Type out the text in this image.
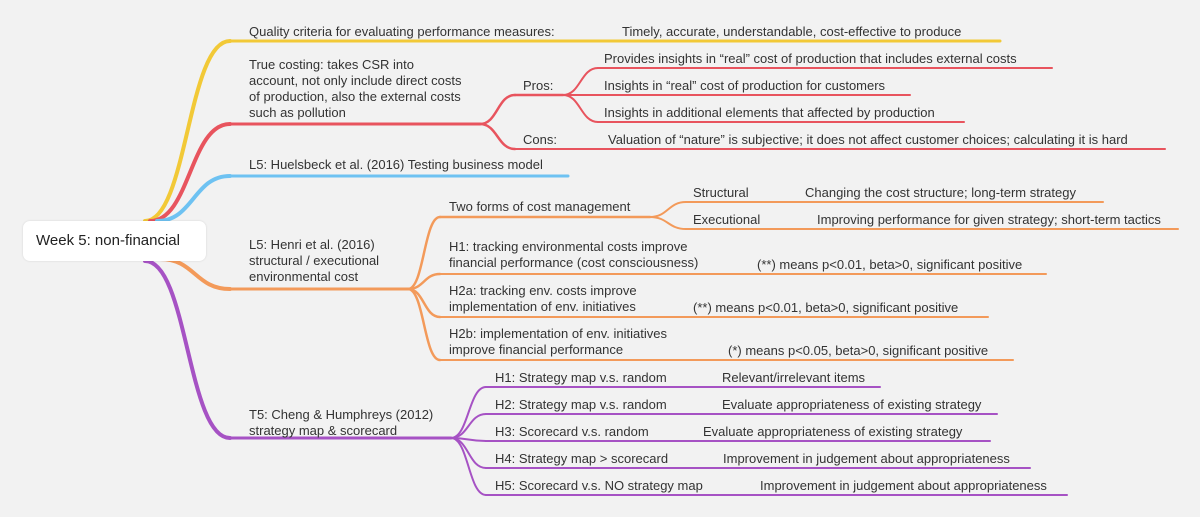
Week 5: non-financial
Quality criteria for evaluating performance measures:	Timely, accurate, understandable, cost-effective to produce
True costing: takes CSR into
account, not only include direct costs
of production, also the external costs
such as pollution
Pros:
Provides insights in “real” cost of production that includes external costs
Insights in “real” cost of production for customers
Insights in additional elements that affected by production
Cons:	Valuation of “nature” is subjective; it does not affect customer choices; calculating it is hard
L5: Huelsbeck et al. (2016) Testing business model
L5: Henri et al. (2016)
structural / executional
environmental cost
Two forms of cost management
Structural	Changing the cost structure; long-term strategy
Executional	Improving performance for given strategy; short-term tactics
H1: tracking environmental costs improve
financial performance (cost consciousness)	(**) means p<0.01, beta>0, significant positive
H2a: tracking env. costs improve
implementation of env. initiatives	(**) means p<0.01, beta>0, significant positive
H2b: implementation of env. initiatives
improve financial performance	(*) means p<0.05, beta>0, significant positive
T5: Cheng & Humphreys (2012)
strategy map & scorecard
H1: Strategy map v.s. random	Relevant/irrelevant items
H2: Strategy map v.s. random	Evaluate appropriateness of existing strategy
H3: Scorecard v.s. random	Evaluate appropriateness of existing strategy
H4: Strategy map > scorecard	Improvement in judgement about appropriateness
H5: Scorecard v.s. NO strategy map	Improvement in judgement about appropriateness
